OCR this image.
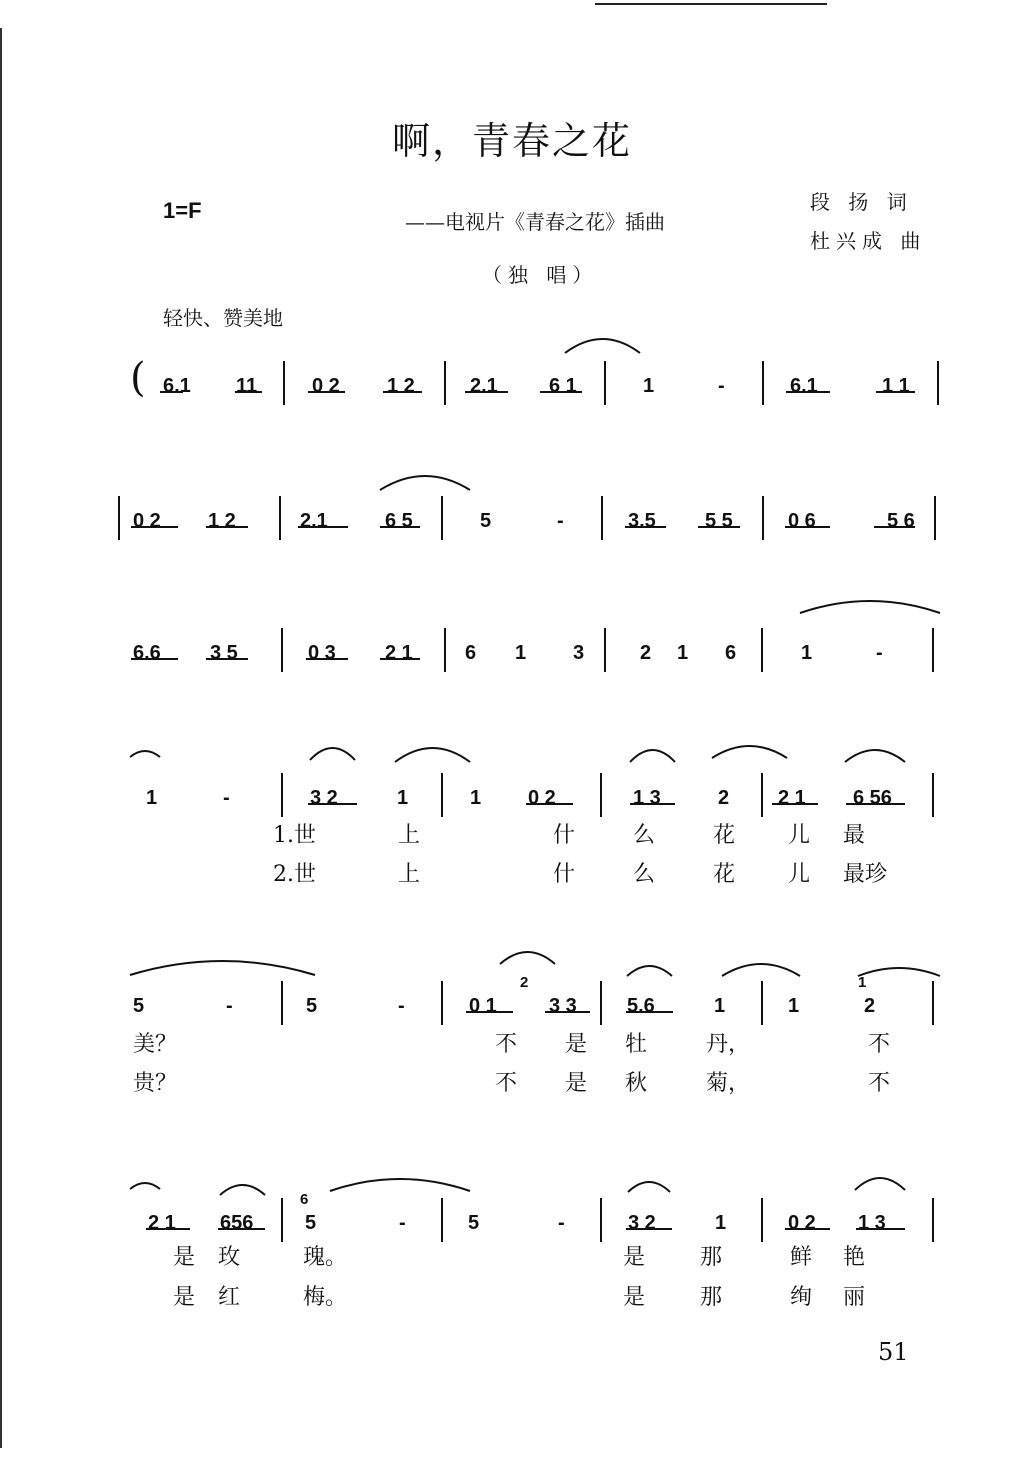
啊，青春之花
1=F	——电视片《青春之花》插曲
段 扬 词
杜兴成 曲
（独 唱）
轻快、赞美地
( 6.1 11	0 2 1 2	2.1	6 1	1	-	6.1	1 1
0 2 1 2	2.1	6 5	5	-	3.5 5 5	0 6	5 6
6.6 3 5	0 3 2 1	6 1 3	2 1 6	1	-
1	-	3 2	1	1 0 2	1 3	2 2 1 6 56
5	-	5	-	0 1	3 3	5.6	1	1	2
2	1
2 1 656	5	-	5	-	3 2	1	0 2 1 3
6
1.世	上	什	么	花 儿 最
2.世	上	什	么	花 儿 最珍
美？	不 是 牡	丹，	不
贵？	不 是 秋	菊，	不
是 玫	瑰。	是 那	鲜 艳
是 红	梅。	是 那	绚 丽
51
